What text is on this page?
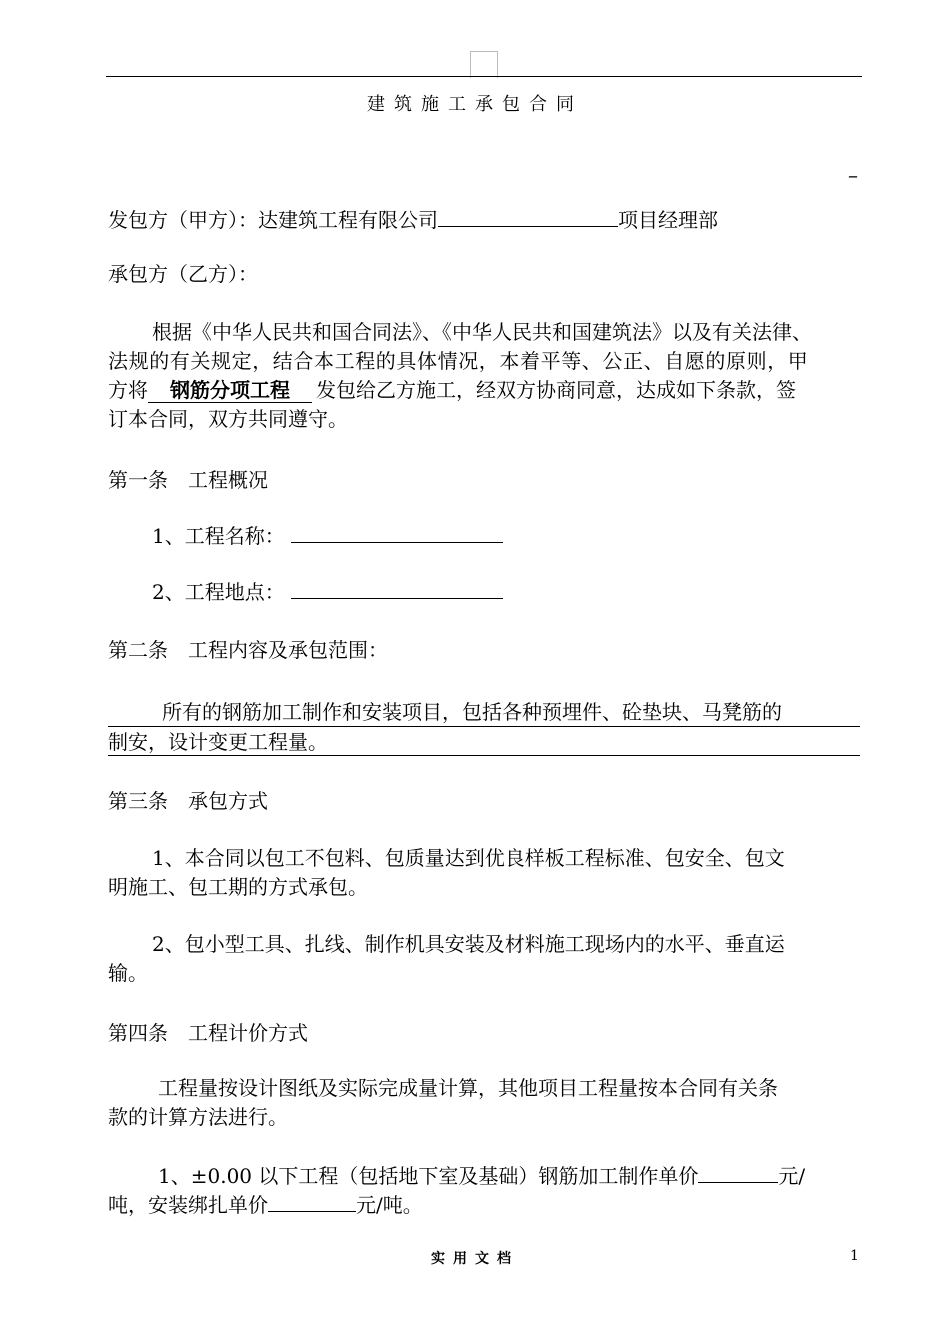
建筑施工承包合同
–
发包方（甲方）：达建筑工程有限公司	项目经理部
承包方（乙方）：
根据《中华人民共和国合同法》、《中华人民共和国建筑法》以及有关法律、
法规的有关规定，结合本工程的具体情况，本着平等、公正、自愿的原则，甲
方将 钢筋分项工程 发包给乙方施工，经双方协商同意，达成如下条款，签
订本合同，双方共同遵守。
第一条　工程概况
1、工程名称：
2、工程地点：
第二条　工程内容及承包范围：
所有的钢筋加工制作和安装项目，包括各种预埋件、砼垫块、马凳筋的
制安，设计变更工程量。
第三条　承包方式
1、本合同以包工不包料、包质量达到优良样板工程标准、包安全、包文
明施工、包工期的方式承包。
2、包小型工具、扎线、制作机具安装及材料施工现场内的水平、垂直运
输。
第四条　工程计价方式
工程量按设计图纸及实际完成量计算，其他项目工程量按本合同有关条
款的计算方法进行。
1、±0.00 以下工程（包括地下室及基础）钢筋加工制作单价	元/
吨，安装绑扎单价	元/吨。
实用文档	1
